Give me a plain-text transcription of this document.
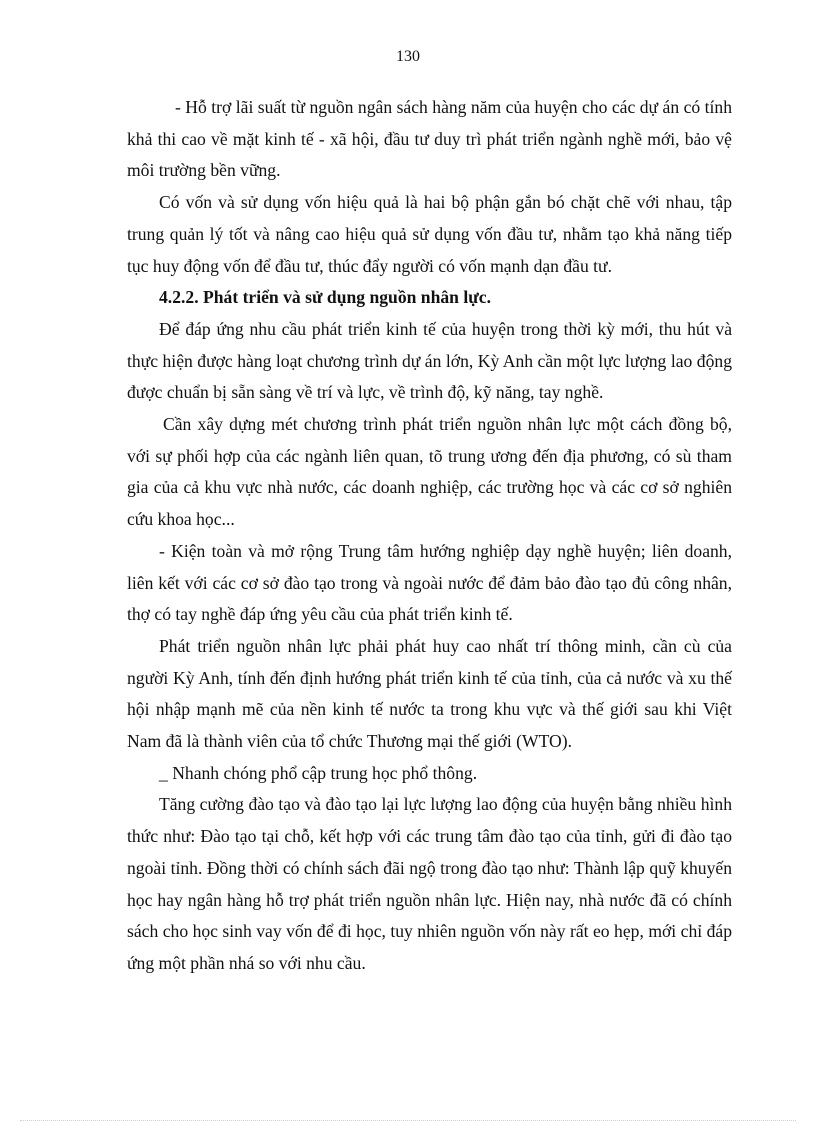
130

- Hỗ trợ lãi suất từ nguồn ngân sách hàng năm của huyện cho các dự án có tính khả thi cao về mặt kinh tế - xã hội, đầu tư duy trì phát triển ngành nghề mới, bảo vệ môi trường bền vững.

Có vốn và sử dụng vốn hiệu quả là hai bộ phận gắn bó chặt chẽ với nhau, tập trung quản lý tốt và nâng cao hiệu quả sử dụng vốn đầu tư, nhằm tạo khả năng tiếp tục huy động vốn để đầu tư, thúc đẩy người có vốn mạnh dạn đầu tư.

4.2.2. Phát triển và sử dụng nguồn nhân lực.

Để đáp ứng nhu cầu phát triển kinh tế của huyện trong thời kỳ mới, thu hút và thực hiện được hàng loạt chương trình dự án lớn, Kỳ Anh cần một lực lượng lao động được chuẩn bị sẵn sàng về trí và lực, về trình độ, kỹ năng, tay nghề.

Cần xây dựng mét chương trình phát triển nguồn nhân lực một cách đồng bộ, với sự phối hợp của các ngành liên quan, tõ trung ương đến địa phương, có sù tham gia của cả khu vực nhà nước, các doanh nghiệp, các trường học và các cơ sở nghiên cứu khoa học...

- Kiện toàn và mở rộng Trung tâm hướng nghiệp dạy nghề huyện; liên doanh, liên kết với các cơ sở đào tạo trong và ngoài nước để đảm bảo đào tạo đủ công nhân, thợ có tay nghề đáp ứng yêu cầu của phát triển kinh tế.

Phát triển nguồn nhân lực phải phát huy cao nhất trí thông minh, cần cù của người Kỳ Anh, tính đến định hướng phát triển kinh tế của tỉnh, của cả nước và xu thế hội nhập mạnh mẽ của nền kinh tế nước ta trong khu vực và thế giới sau khi Việt Nam đã là thành viên của tổ chức Thương mại thế giới (WTO).

_ Nhanh chóng phổ cập trung học phổ thông.

Tăng cường đào tạo và đào tạo lại lực lượng lao động của huyện bằng nhiều hình thức như: Đào tạo tại chỗ, kết hợp với các trung tâm đào tạo của tỉnh, gửi đi đào tạo ngoài tỉnh. Đồng thời có chính sách đãi ngộ trong đào tạo như: Thành lập quỹ khuyến học hay ngân hàng hỗ trợ phát triển nguồn nhân lực. Hiện nay, nhà nước đã có chính sách cho học sinh vay vốn để đi học, tuy nhiên nguồn vốn này rất eo hẹp, mới chỉ đáp ứng một phần nhá so với nhu cầu.
